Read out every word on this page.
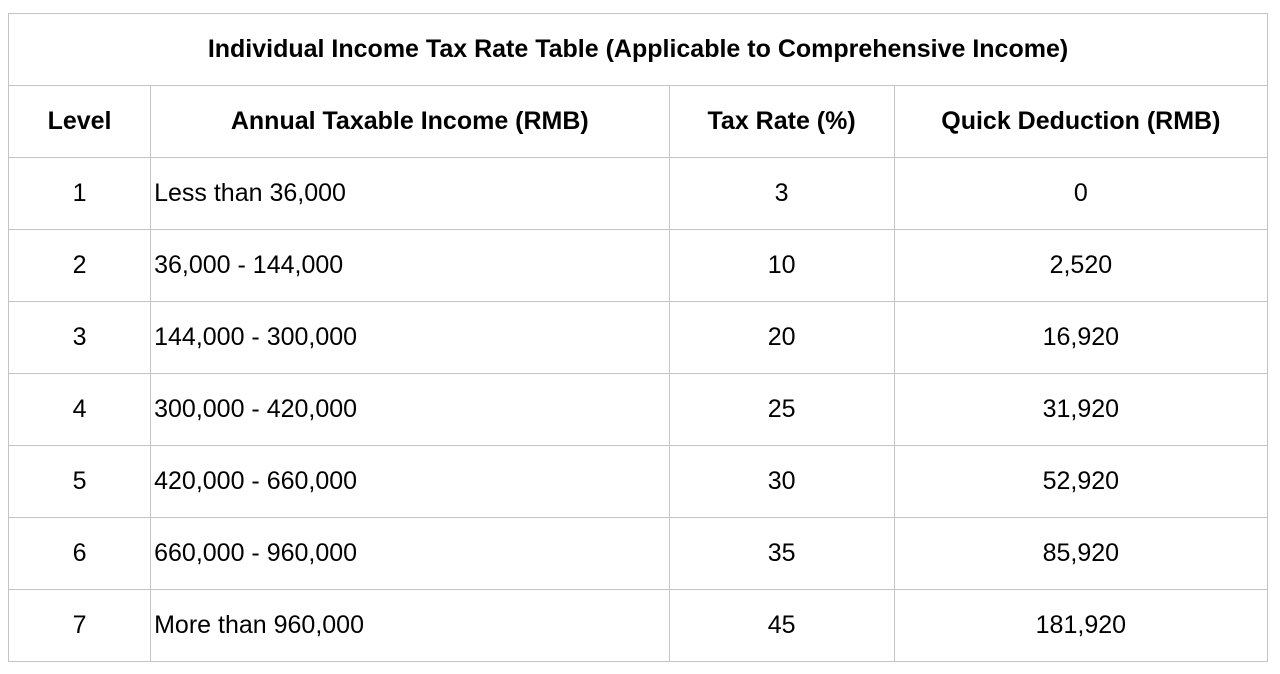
Individual Income Tax Rate Table (Applicable to Comprehensive Income)			
Level	Annual Taxable Income (RMB)	Tax Rate (%)	Quick Deduction (RMB)
1	Less than 36,000	3	0
2	36,000 - 144,000	10	2,520
3	144,000 - 300,000	20	16,920
4	300,000 - 420,000	25	31,920
5	420,000 - 660,000	30	52,920
6	660,000 - 960,000	35	85,920
7	More than 960,000	45	181,920
